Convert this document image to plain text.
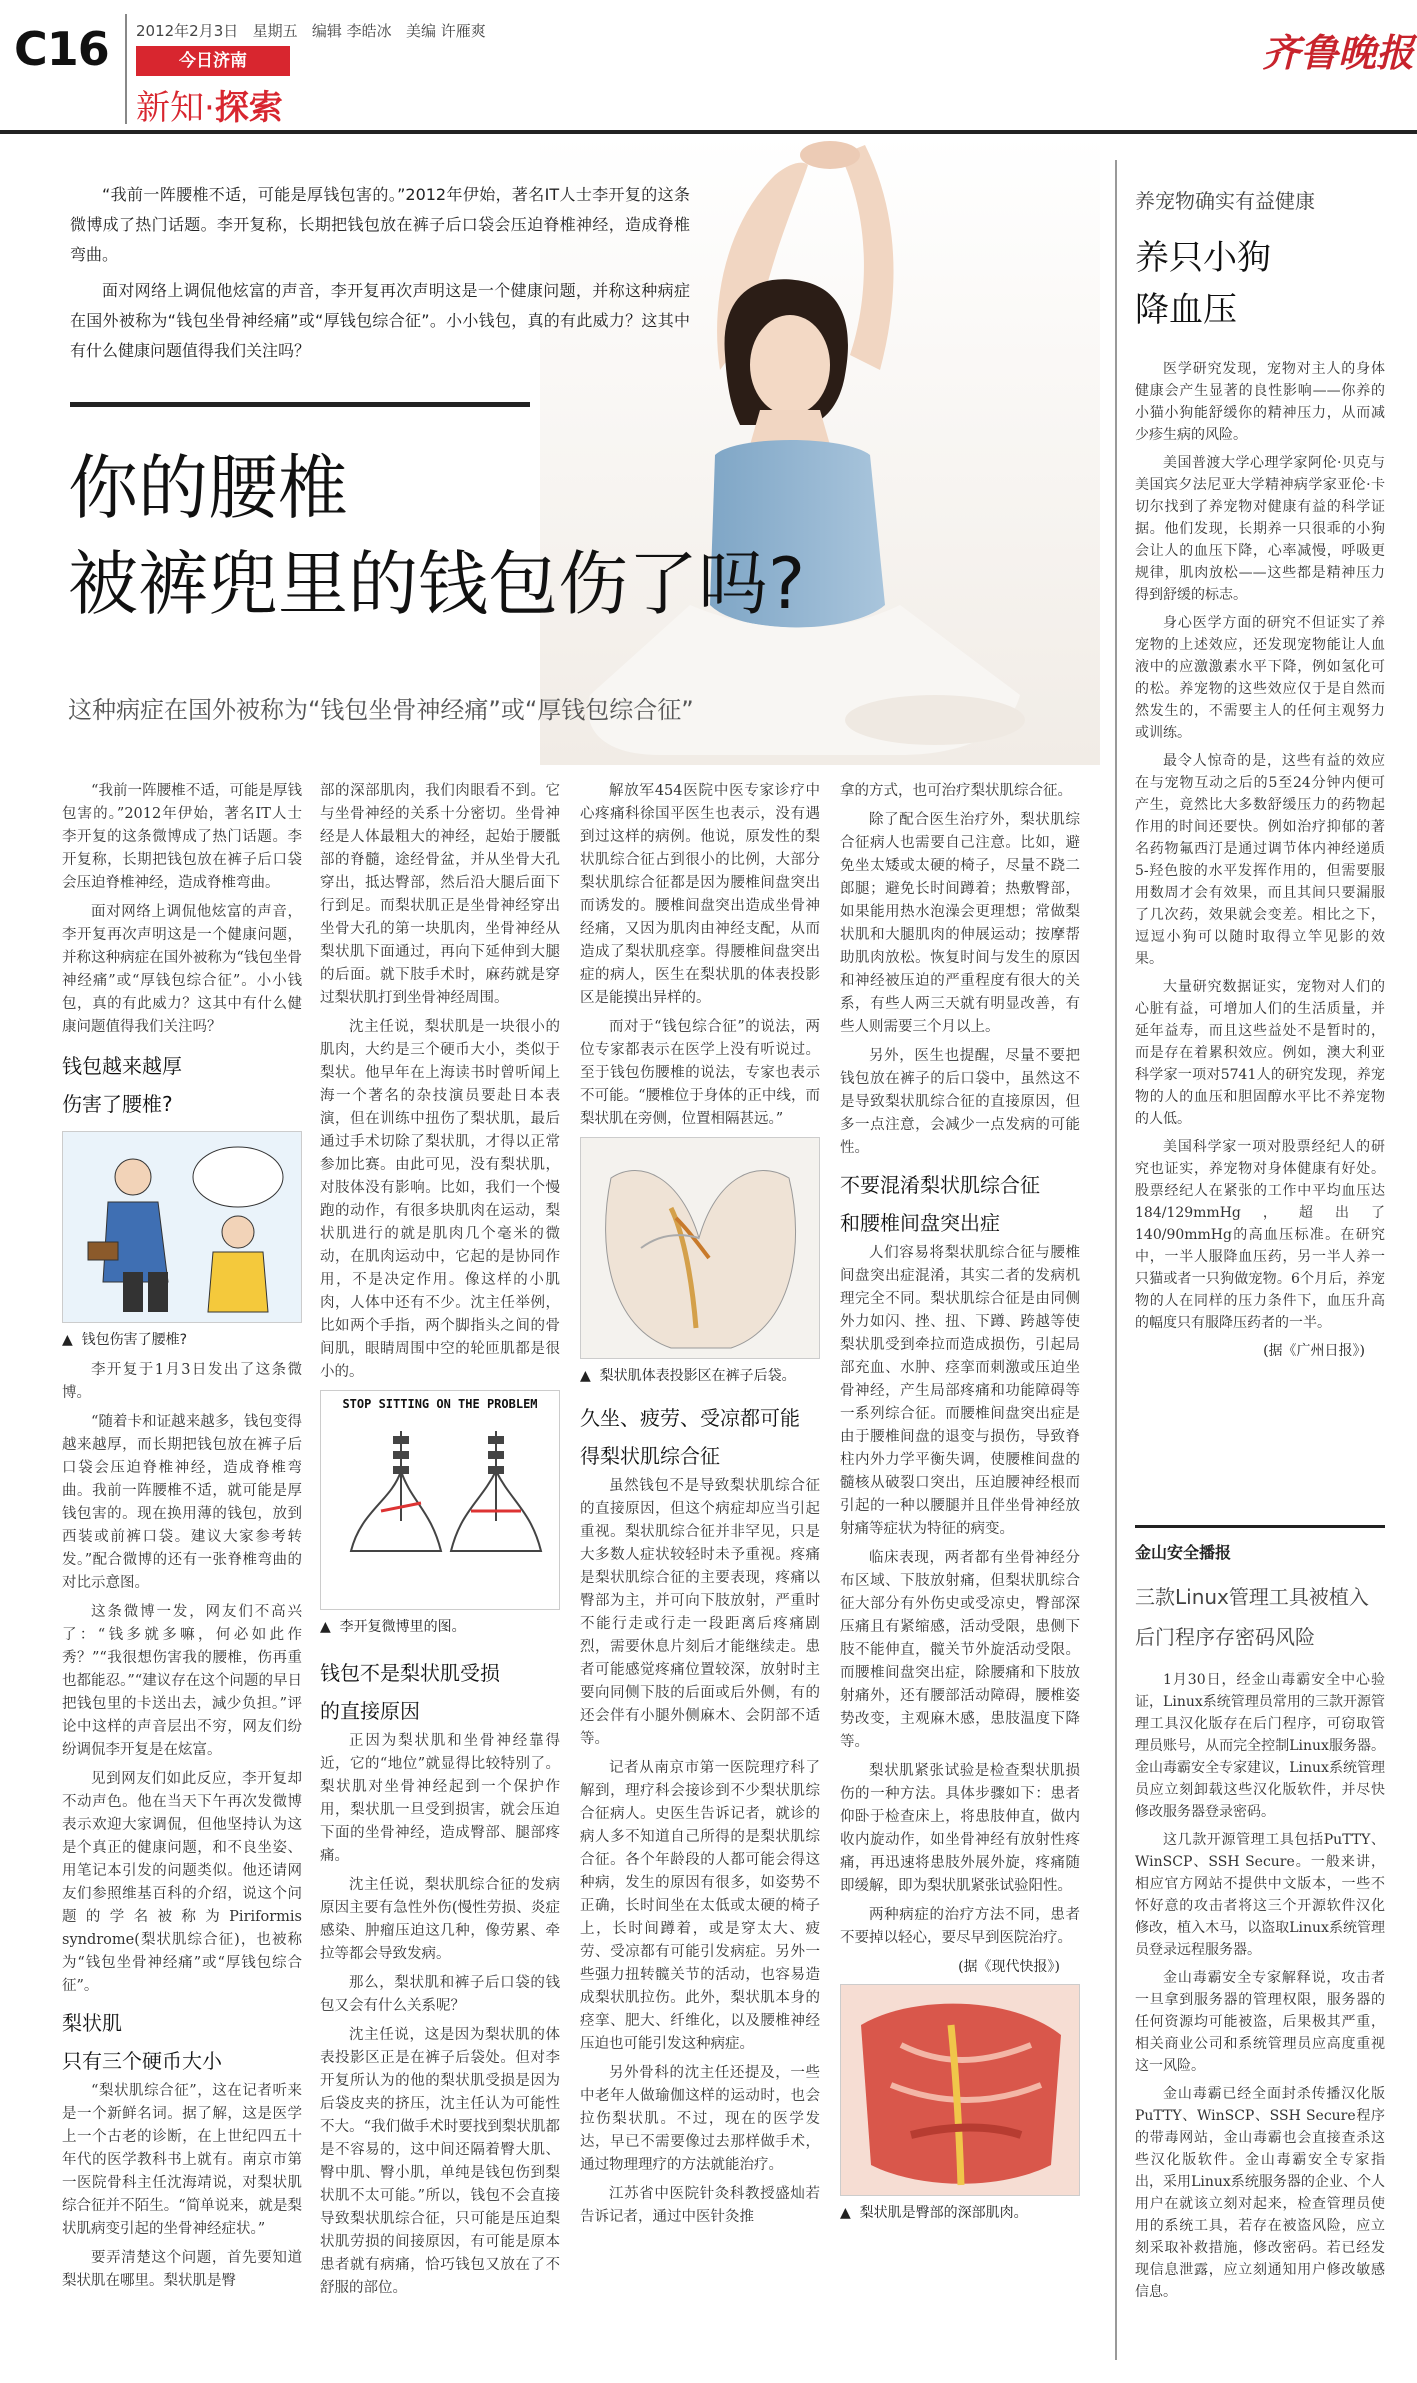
C16 2012年2月3日 星期五 编辑 李皓冰 美编 许雁爽
今日济南
新知·探索
齐鲁晚报

“我前一阵腰椎不适，可能是厚钱包害的。”2012年伊始，著名IT人士李开复的这条微博成了热门话题。李开复称，长期把钱包放在裤子后口袋会压迫脊椎神经，造成脊椎弯曲。

面对网络上调侃他炫富的声音，李开复再次声明这是一个健康问题，并称这种病症在国外被称为“钱包坐骨神经痛”或“厚钱包综合征”。小小钱包，真的有此威力？这其中有什么健康问题值得我们关注吗？

你的腰椎
被裤兜里的钱包伤了吗?
这种病症在国外被称为“钱包坐骨神经痛”或“厚钱包综合征”

“我前一阵腰椎不适，可能是厚钱包害的。”2012年伊始，著名IT人士李开复的这条微博成了热门话题。李开复称，长期把钱包放在裤子后口袋会压迫脊椎神经，造成脊椎弯曲。

面对网络上调侃他炫富的声音，李开复再次声明这是一个健康问题，并称这种病症在国外被称为“钱包坐骨神经痛”或“厚钱包综合征”。小小钱包，真的有此威力？这其中有什么健康问题值得我们关注吗？

钱包越来越厚
伤害了腰椎?
▲  钱包伤害了腰椎?

李开复于1月3日发出了这条微博。

“随着卡和证越来越多，钱包变得越来越厚，而长期把钱包放在裤子后口袋会压迫脊椎神经，造成脊椎弯曲。我前一阵腰椎不适，就可能是厚钱包害的。现在换用薄的钱包，放到西装或前裤口袋。建议大家参考转发。”配合微博的还有一张脊椎弯曲的对比示意图。

这条微博一发，网友们不高兴了：“钱多就多嘛，何必如此作秀？”“我很想伤害我的腰椎，伤再重也都能忍。”“建议存在这个问题的早日把钱包里的卡送出去，減少负担。”评论中这样的声音层出不穷，网友们纷纷调侃李开复是在炫富。

见到网友们如此反应，李开复却不动声色。他在当天下午再次发微博表示欢迎大家调侃，但他坚持认为这是个真正的健康问题，和不良坐姿、用笔记本引发的问题类似。他还请网友们参照维基百科的介绍，说这个问题的学名被称为Piriformis syndrome(梨状肌综合征)，也被称为“钱包坐骨神经痛”或“厚钱包综合征”。

梨状肌
只有三个硬币大小

“梨状肌综合征”，这在记者听来是一个新鲜名词。据了解，这是医学上一个古老的诊断，在上世纪四五十年代的医学教科书上就有。南京市第一医院骨科主任沈海靖说，对梨状肌综合征并不陌生。“简单说来，就是梨状肌病变引起的坐骨神经症状。”

要弄清楚这个问题，首先要知道梨状肌在哪里。梨状肌是臀

部的深部肌肉，我们肉眼看不到。它与坐骨神经的关系十分密切。坐骨神经是人体最粗大的神经，起始于腰骶部的脊髓，途经骨盆，并从坐骨大孔穿出，抵达臀部，然后沿大腿后面下行到足。而梨状肌正是坐骨神经穿出坐骨大孔的第一块肌肉，坐骨神经从梨状肌下面通过，再向下延伸到大腿的后面。就下肢手术时，麻药就是穿过梨状肌打到坐骨神经周围。

沈主任说，梨状肌是一块很小的肌肉，大约是三个硬币大小，类似于梨状。他早年在上海读书时曾听闻上海一个著名的杂技演员要赴日本表演，但在训练中扭伤了梨状肌，最后通过手术切除了梨状肌，才得以正常参加比赛。由此可见，没有梨状肌，对肢体没有影响。比如，我们一个慢跑的动作，有很多块肌肉在运动，梨状肌进行的就是肌肉几个毫米的微动，在肌肉运动中，它起的是协同作用，不是决定作用。像这样的小肌肉，人体中还有不少。沈主任举例，比如两个手指，两个脚指头之间的骨间肌，眼睛周围中空的轮匝肌都是很小的。

STOP SITTING ON THE PROBLEM
▲  李开复微博里的图。
钱包不是梨状肌受损
的直接原因

正因为梨状肌和坐骨神经靠得近，它的“地位”就显得比较特别了。梨状肌对坐骨神经起到一个保护作用，梨状肌一旦受到损害，就会压迫下面的坐骨神经，造成臀部、腿部疼痛。

沈主任说，梨状肌综合征的发病原因主要有急性外伤(慢性劳损、炎症感染、肿瘤压迫这几种，像劳累、牵拉等都会导致发病。

那么，梨状肌和裤子后口袋的钱包又会有什么关系呢？

沈主任说，这是因为梨状肌的体表投影区正是在裤子后袋处。但对李开复所认为的他的梨状肌受损是因为后袋皮夹的挤压，沈主任认为可能性不大。“我们做手术时要找到梨状肌都是不容易的，这中间还隔着臀大肌、臀中肌、臀小肌，单纯是钱包伤到梨状肌不太可能。”所以，钱包不会直接导致梨状肌综合征，只可能是压迫梨状肌劳损的间接原因，有可能是原本患者就有病痛，恰巧钱包又放在了不舒服的部位。

解放军454医院中医专家诊疗中心疼痛科徐国平医生也表示，没有遇到过这样的病例。他说，原发性的梨状肌综合征占到很小的比例，大部分梨状肌综合征都是因为腰椎间盘突出而诱发的。腰椎间盘突出造成坐骨神经痛，又因为肌肉由神经支配，从而造成了梨状肌痉挛。得腰椎间盘突出症的病人，医生在梨状肌的体表投影区是能摸出异样的。

而对于“钱包综合征”的说法，两位专家都表示在医学上没有听说过。至于钱包伤腰椎的说法，专家也表示不可能。“腰椎位于身体的正中线，而梨状肌在旁侧，位置相隔甚远。”

▲  梨状肌体表投影区在裤子后袋。
久坐、疲劳、受凉都可能
得梨状肌综合征

虽然钱包不是导致梨状肌综合征的直接原因，但这个病症却应当引起重视。梨状肌综合征并非罕见，只是大多数人症状较轻时未予重视。疼痛是梨状肌综合征的主要表现，疼痛以臀部为主，并可向下肢放射，严重时不能行走或行走一段距离后疼痛剧烈，需要休息片刻后才能继续走。患者可能感觉疼痛位置较深，放射时主要向同侧下肢的后面或后外侧，有的还会伴有小腿外侧麻木、会阴部不适等。

记者从南京市第一医院理疗科了解到，理疗科会接诊到不少梨状肌综合征病人。史医生告诉记者，就诊的病人多不知道自己所得的是梨状肌综合征。各个年龄段的人都可能会得这种病，发生的原因有很多，如姿势不正确，长时间坐在太低或太硬的椅子上，长时间蹲着，或是穿太大、疲劳、受凉都有可能引发病症。另外一些强力扭转髋关节的活动，也容易造成梨状肌拉伤。此外，梨状肌本身的痉挛、肥大、纤维化，以及腰椎神经压迫也可能引发这种病症。

另外骨科的沈主任还提及，一些中老年人做瑜伽这样的运动时，也会拉伤梨状肌。不过，现在的医学发达，早已不需要像过去那样做手术，通过物理理疗的方法就能治疗。

江苏省中医院针灸科教授盛灿若告诉记者，通过中医针灸推

拿的方式，也可治疗梨状肌综合征。

除了配合医生治疗外，梨状肌综合征病人也需要自己注意。比如，避免坐太矮或太硬的椅子，尽量不跷二郎腿；避免长时间蹲着；热敷臀部，如果能用热水泡澡会更理想；常做梨状肌和大腿肌肉的伸展运动；按摩帮助肌肉放松。恢复时间与发生的原因和神经被压迫的严重程度有很大的关系，有些人两三天就有明显改善，有些人则需要三个月以上。

另外，医生也提醒，尽量不要把钱包放在裤子的后口袋中，虽然这不是导致梨状肌综合征的直接原因，但多一点注意，会减少一点发病的可能性。

不要混淆梨状肌综合征
和腰椎间盘突出症

人们容易将梨状肌综合征与腰椎间盘突出症混淆，其实二者的发病机理完全不同。梨状肌综合征是由同侧外力如闪、挫、扭、下蹲、跨越等使梨状肌受到牵拉而造成损伤，引起局部充血、水肿、痉挛而刺激或压迫坐骨神经，产生局部疼痛和功能障碍等一系列综合征。而腰椎间盘突出症是由于腰椎间盘的退变与损伤，导致脊柱内外力学平衡失调，使腰椎间盘的髓核从破裂口突出，压迫腰神经根而引起的一种以腰腿并且伴坐骨神经放射痛等症状为特征的病变。

临床表现，两者都有坐骨神经分布区域、下肢放射痛，但梨状肌综合征大部分有外伤史或受凉史，臀部深压痛且有紧缩感，活动受限，患侧下肢不能伸直，髋关节外旋活动受限。而腰椎间盘突出症，除腰痛和下肢放射痛外，还有腰部活动障碍，腰椎姿势改变，主观麻木感，患肢温度下降等。

梨状肌紧张试验是检查梨状肌损伤的一种方法。具体步骤如下：患者仰卧于检查床上，将患肢伸直，做内收内旋动作，如坐骨神经有放射性疼痛，再迅速将患肢外展外旋，疼痛随即缓解，即为梨状肌紧张试验阳性。

两种病症的治疗方法不同，患者不要掉以轻心，要尽早到医院治疗。

(据《现代快报》)
▲  梨状肌是臀部的深部肌肉。
养宠物确实有益健康
养只小狗
降血压

医学研究发现，宠物对主人的身体健康会产生显著的良性影响——你养的小猫小狗能舒缓你的精神压力，从而减少疹生病的风险。

美国普渡大学心理学家阿伦·贝克与美国宾夕法尼亚大学精神病学家亚伦·卡切尔找到了养宠物对健康有益的科学证据。他们发现，长期养一只很乖的小狗会让人的血压下降，心率减慢，呼吸更规律，肌肉放松——这些都是精神压力得到舒缓的标志。

身心医学方面的研究不但证实了养宠物的上述效应，还发现宠物能让人血液中的应激激素水平下降，例如氢化可的松。养宠物的这些效应仅于是自然而然发生的，不需要主人的任何主观努力或训练。

最令人惊奇的是，这些有益的效应在与宠物互动之后的5至24分钟内便可产生，竟然比大多数舒缓压力的药物起作用的时间还要快。例如治疗抑郁的著名药物氟西汀是通过调节体内神经递质5-羟色胺的水平发挥作用的，但需要服用数周才会有效果，而且其间只要漏服了几次药，效果就会变差。相比之下，逗逗小狗可以随时取得立竿见影的效果。

大量研究数据证实，宠物对人们的心脏有益，可增加人们的生活质量，并延年益寿，而且这些益处不是暂时的，而是存在着累积效应。例如，澳大利亚科学家一项对5741人的研究发现，养宠物的人的血压和胆固醇水平比不养宠物的人低。

美国科学家一项对股票经纪人的研究也证实，养宠物对身体健康有好处。股票经纪人在紧张的工作中平均血压达184/129mmHg，超出了140/90mmHg的高血压标准。在研究中，一半人服降血压药，另一半人养一只猫或者一只狗做宠物。6个月后，养宠物的人在同样的压力条件下，血压升高的幅度只有服降压药者的一半。

(据《广州日报》)
金山安全播报
三款Linux管理工具被植入后门程序存密码风险

1月30日，经金山毒霸安全中心验证，Linux系统管理员常用的三款开源管理工具汉化版存在后门程序，可窃取管理员账号，从而完全控制Linux服务器。金山毒霸安全专家建议，Linux系统管理员应立刻卸载这些汉化版软件，并尽快修改服务器登录密码。

这几款开源管理工具包括PuTTY、WinSCP、SSH Secure。一般来讲，相应官方网站不提供中文版本，一些不怀好意的攻击者将这三个开源软件汉化修改，植入木马，以盗取Linux系统管理员登录远程服务器。

金山毒霸安全专家解释说，攻击者一旦拿到服务器的管理权限，服务器的任何资源均可能被盗，后果极其严重，相关商业公司和系统管理员应高度重视这一风险。

金山毒霸已经全面封杀传播汉化版PuTTY、WinSCP、SSH Secure程序的带毒网站，金山毒霸也会直接查杀这些汉化版软件。金山毒霸安全专家指出，采用Linux系统服务器的企业、个人用户在就该立刻对起来，检查管理员使用的系统工具，若存在被盗风险，应立刻采取补救措施，修改密码。若已经发现信息泄露，应立刻通知用户修改敏感信息。
